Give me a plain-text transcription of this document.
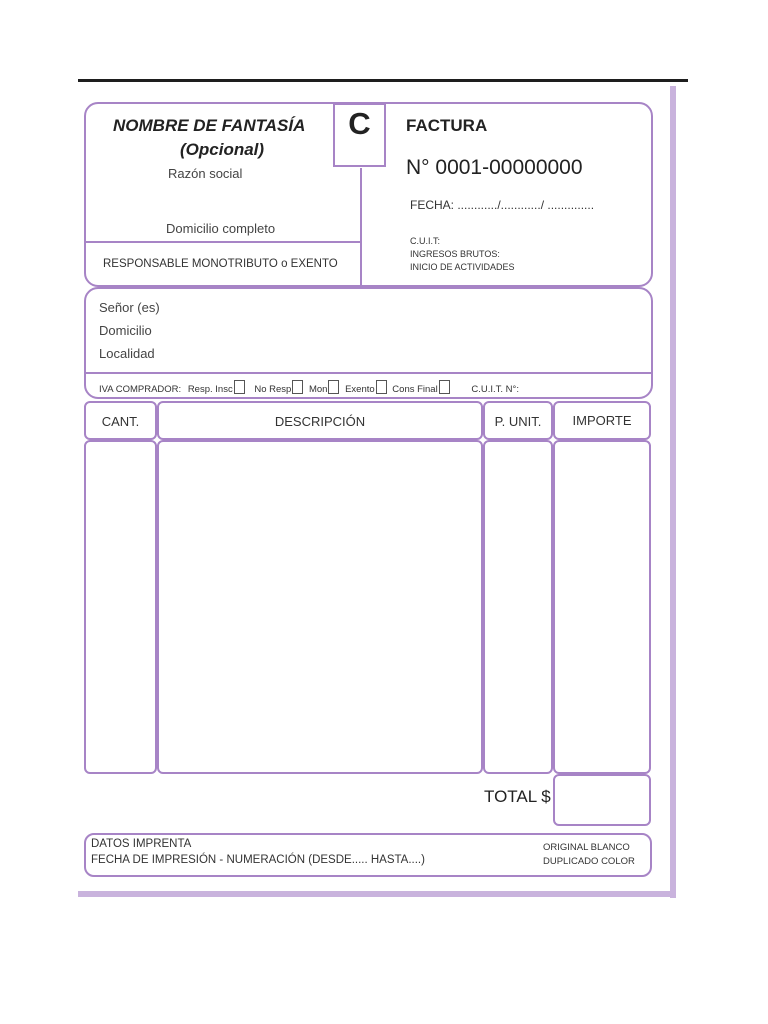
C
NOMBRE DE FANTASÍA
(Opcional)
Razón social
Domicilio completo
RESPONSABLE MONOTRIBUTO o EXENTO
FACTURA
N° 0001-00000000
FECHA: ............/............/ ..............
C.U.I.T:
INGRESOS BRUTOS:
INICIO DE ACTIVIDADES
Señor (es)
Domicilio
Localidad
IVA COMPRADOR: Resp. Insc No Resp Mon Exento Cons Final	C.U.I.T. N°:
CANT.	DESCRIPCIÓN	P. UNIT.	IMPORTE
TOTAL $
DATOS IMPRENTA
FECHA DE IMPRESIÓN - NUMERACIÓN (DESDE..... HASTA....)
ORIGINAL BLANCO
DUPLICADO COLOR
